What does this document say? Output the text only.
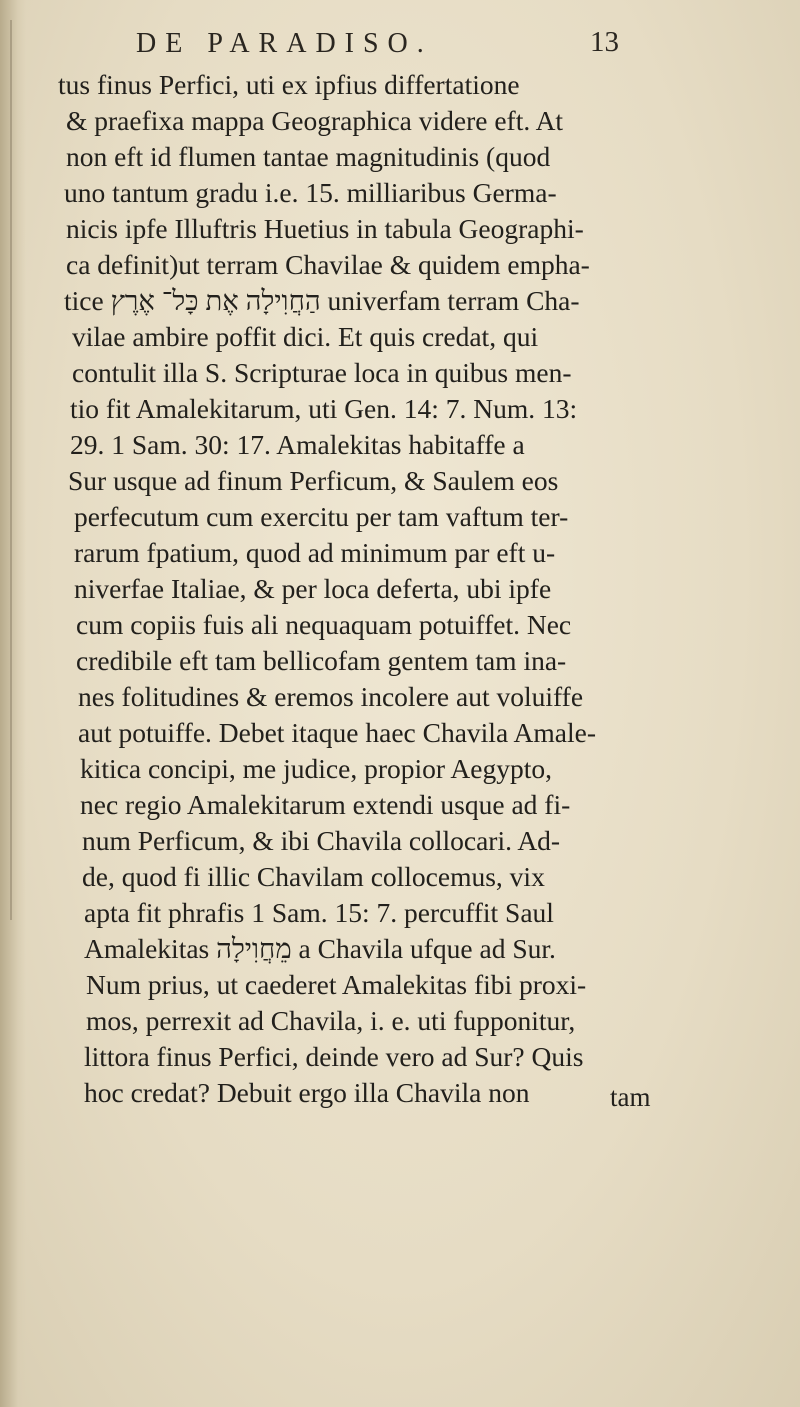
DE PARADISO.	13
tus finus Perfici, uti ex ipfius differtatione
& praefixa mappa Geographica videre eft. At
non eft id flumen tantae magnitudinis (quod
uno tantum gradu i.e. 15. milliaribus Germa-
nicis ipfe Illuftris Huetius in tabula Geographi-
ca definit)ut terram Chavilae & quidem empha-
tice הַחֲוִילָה אֶת כָּל־ אֶרֶץ univerfam terram Cha-
vilae ambire poffit dici. Et quis credat, qui
contulit illa S. Scripturae loca in quibus men-
tio fit Amalekitarum, uti Gen. 14: 7. Num. 13:
29. 1 Sam. 30: 17. Amalekitas habitaffe a
Sur usque ad finum Perficum, & Saulem eos
perfecutum cum exercitu per tam vaftum ter-
rarum fpatium, quod ad minimum par eft u-
niverfae Italiae, & per loca deferta, ubi ipfe
cum copiis fuis ali nequaquam potuiffet. Nec
credibile eft tam bellicofam gentem tam ina-
nes folitudines & eremos incolere aut voluiffe
aut potuiffe. Debet itaque haec Chavila Amale-
kitica concipi, me judice, propior Aegypto,
nec regio Amalekitarum extendi usque ad fi-
num Perficum, & ibi Chavila collocari. Ad-
de, quod fi illic Chavilam collocemus, vix
apta fit phrafis 1 Sam. 15: 7. percuffit Saul
Amalekitas מֵחֲוִילָה a Chavila ufque ad Sur.
Num prius, ut caederet Amalekitas fibi proxi-
mos, perrexit ad Chavila, i. e. uti fupponitur,
littora finus Perfici, deinde vero ad Sur? Quis
hoc credat? Debuit ergo illa Chavila non	tam
